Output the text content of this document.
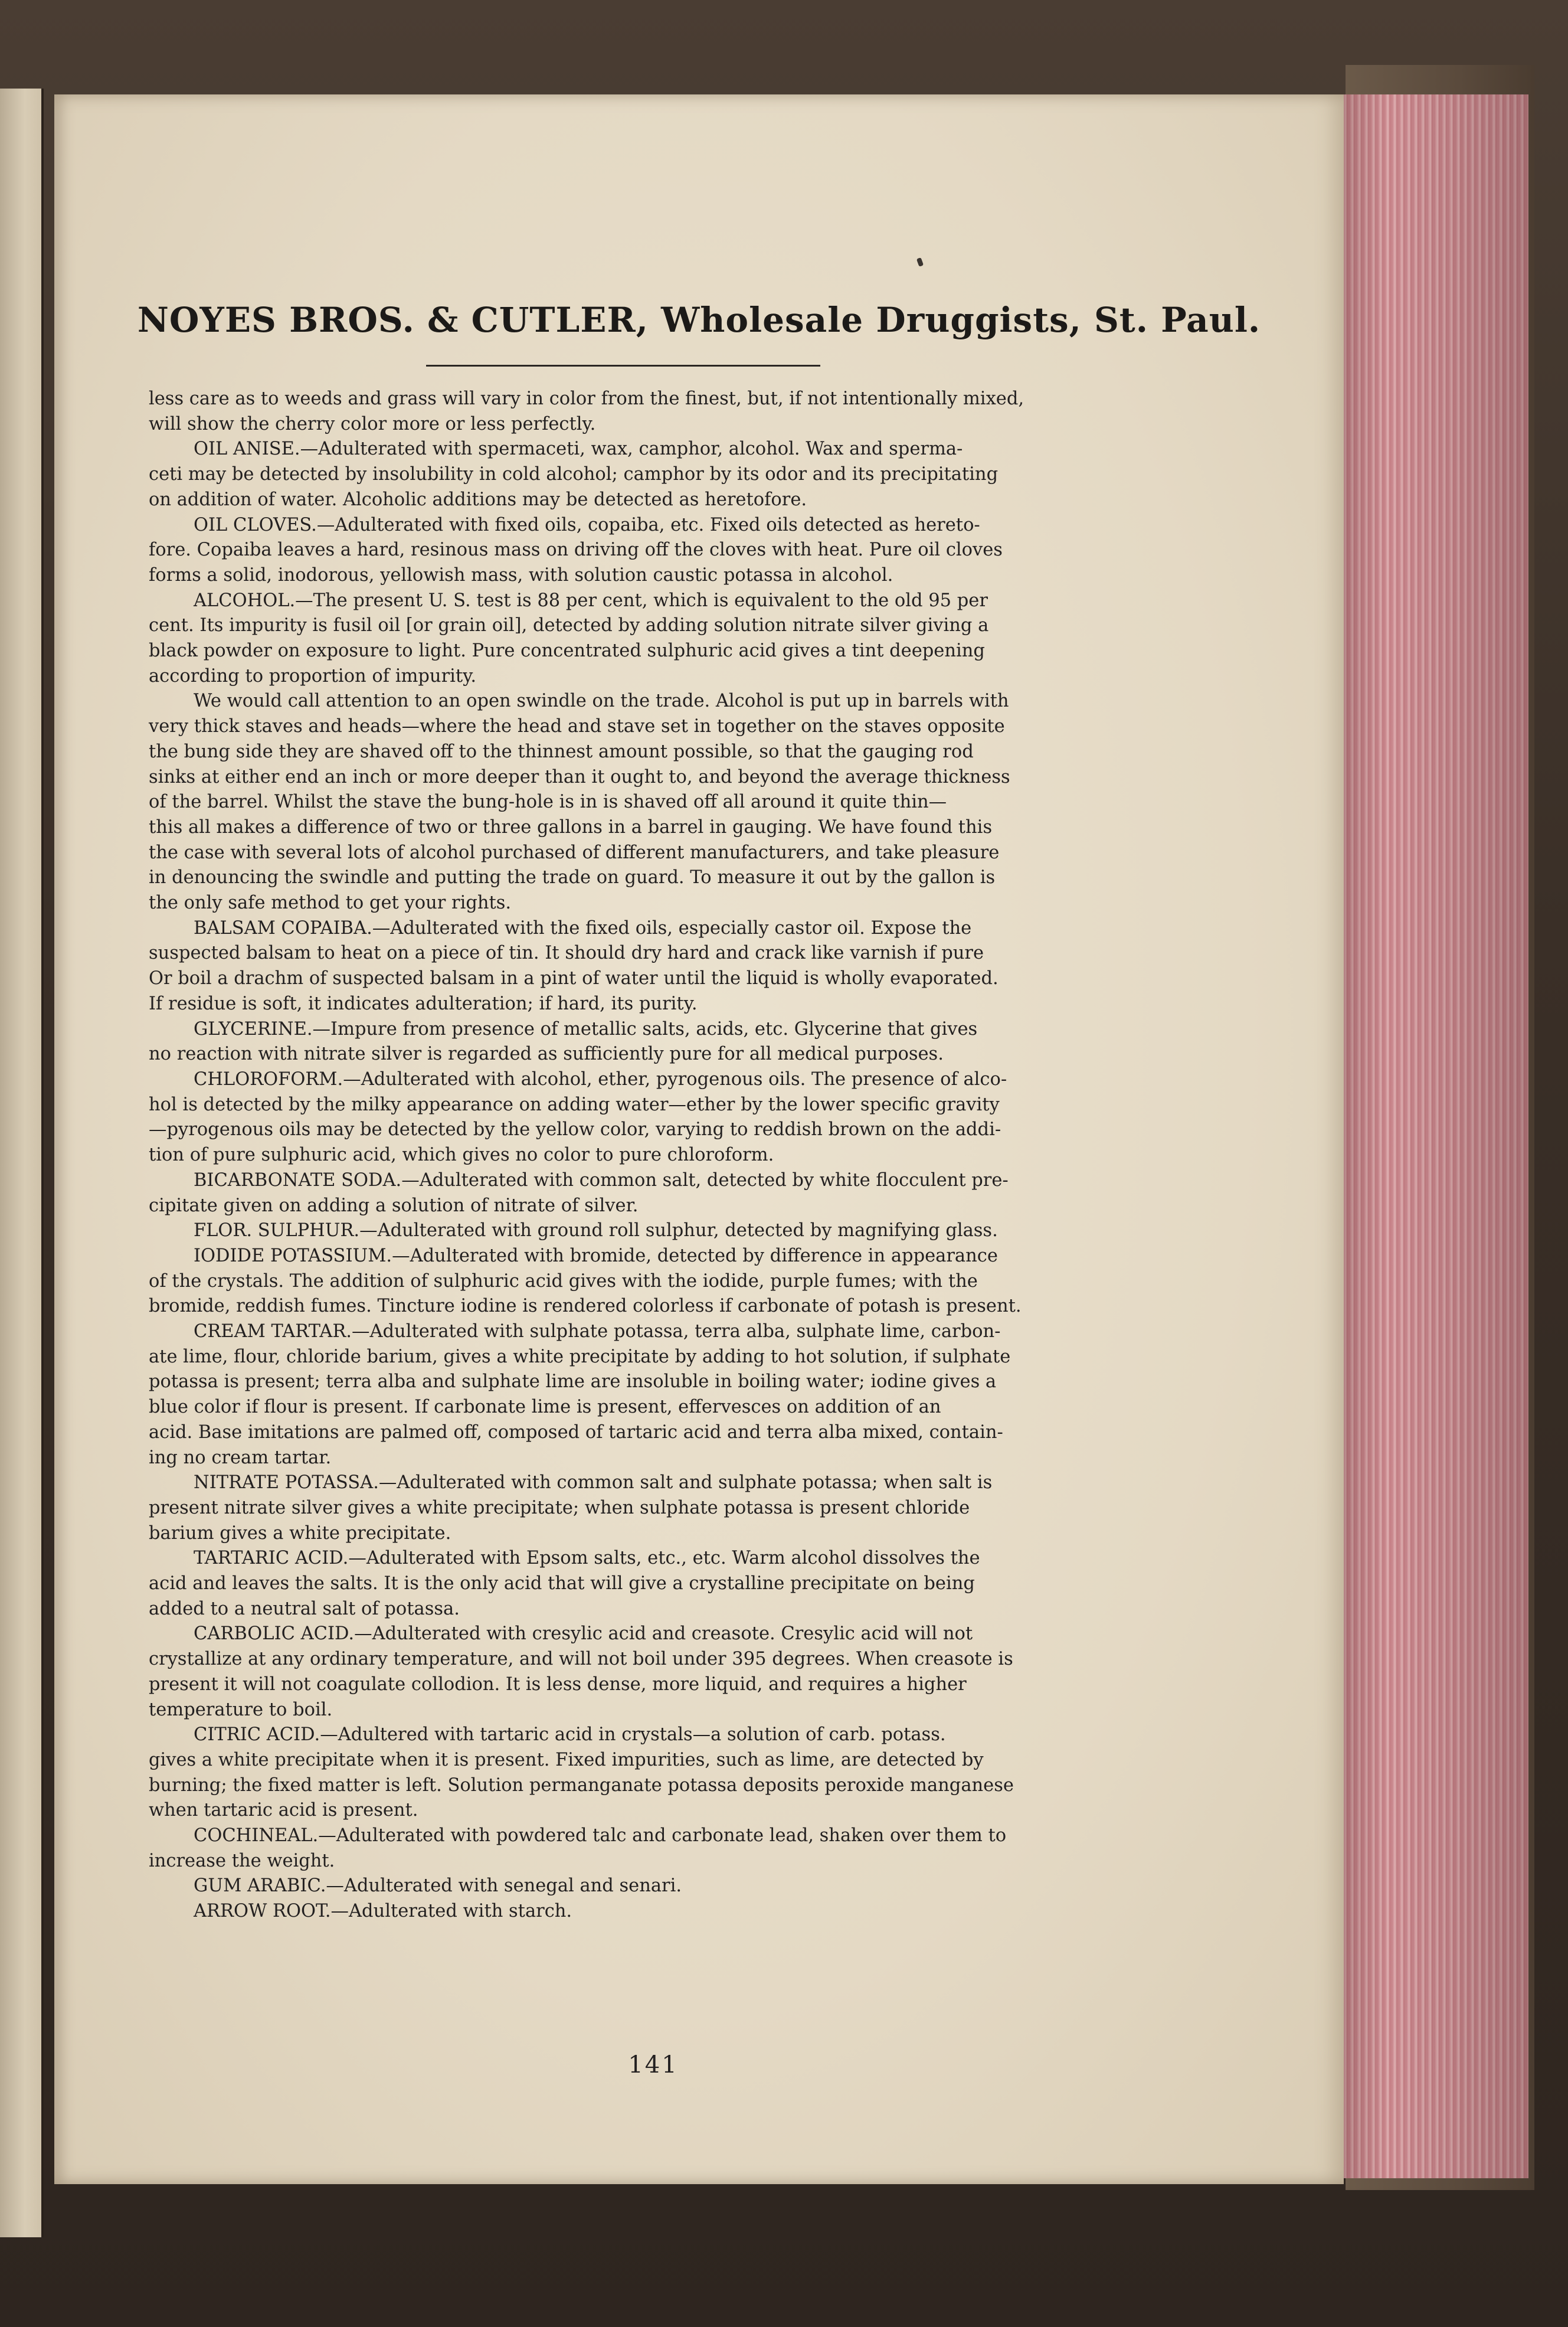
NOYES BROS. & CUTLER, Wholesale Druggists, St. Paul.

less care as to weeds and grass will vary in color from the finest, but, if not intentionally mixed,
will show the cherry color more or less perfectly.

OIL ANISE.—Adulterated with spermaceti, wax, camphor, alcohol. Wax and sperma-
ceti may be detected by insolubility in cold alcohol; camphor by its odor and its precipitating
on addition of water. Alcoholic additions may be detected as heretofore.

OIL CLOVES.—Adulterated with fixed oils, copaiba, etc. Fixed oils detected as hereto-
fore. Copaiba leaves a hard, resinous mass on driving off the cloves with heat. Pure oil cloves
forms a solid, inodorous, yellowish mass, with solution caustic potassa in alcohol.

ALCOHOL.—The present U. S. test is 88 per cent, which is equivalent to the old 95 per
cent. Its impurity is fusil oil [or grain oil], detected by adding solution nitrate silver giving a
black powder on exposure to light. Pure concentrated sulphuric acid gives a tint deepening
according to proportion of impurity.

We would call attention to an open swindle on the trade. Alcohol is put up in barrels with
very thick staves and heads—where the head and stave set in together on the staves opposite
the bung side they are shaved off to the thinnest amount possible, so that the gauging rod
sinks at either end an inch or more deeper than it ought to, and beyond the average thickness
of the barrel. Whilst the stave the bung-hole is in is shaved off all around it quite thin—
this all makes a difference of two or three gallons in a barrel in gauging. We have found this
the case with several lots of alcohol purchased of different manufacturers, and take pleasure
in denouncing the swindle and putting the trade on guard. To measure it out by the gallon is
the only safe method to get your rights.

BALSAM COPAIBA.—Adulterated with the fixed oils, especially castor oil. Expose the
suspected balsam to heat on a piece of tin. It should dry hard and crack like varnish if pure
Or boil a drachm of suspected balsam in a pint of water until the liquid is wholly evaporated.
If residue is soft, it indicates adulteration; if hard, its purity.

GLYCERINE.—Impure from presence of metallic salts, acids, etc. Glycerine that gives
no reaction with nitrate silver is regarded as sufficiently pure for all medical purposes.

CHLOROFORM.—Adulterated with alcohol, ether, pyrogenous oils. The presence of alco-
hol is detected by the milky appearance on adding water—ether by the lower specific gravity
—pyrogenous oils may be detected by the yellow color, varying to reddish brown on the addi-
tion of pure sulphuric acid, which gives no color to pure chloroform.

BICARBONATE SODA.—Adulterated with common salt, detected by white flocculent pre-
cipitate given on adding a solution of nitrate of silver.

FLOR. SULPHUR.—Adulterated with ground roll sulphur, detected by magnifying glass.

IODIDE POTASSIUM.—Adulterated with bromide, detected by difference in appearance
of the crystals. The addition of sulphuric acid gives with the iodide, purple fumes; with the
bromide, reddish fumes. Tincture iodine is rendered colorless if carbonate of potash is present.

CREAM TARTAR.—Adulterated with sulphate potassa, terra alba, sulphate lime, carbon-
ate lime, flour, chloride barium, gives a white precipitate by adding to hot solution, if sulphate
potassa is present; terra alba and sulphate lime are insoluble in boiling water; iodine gives a
blue color if flour is present. If carbonate lime is present, effervesces on addition of an
acid. Base imitations are palmed off, composed of tartaric acid and terra alba mixed, contain-
ing no cream tartar.

NITRATE POTASSA.—Adulterated with common salt and sulphate potassa; when salt is
present nitrate silver gives a white precipitate; when sulphate potassa is present chloride
barium gives a white precipitate.

TARTARIC ACID.—Adulterated with Epsom salts, etc., etc. Warm alcohol dissolves the
acid and leaves the salts. It is the only acid that will give a crystalline precipitate on being
added to a neutral salt of potassa.

CARBOLIC ACID.—Adulterated with cresylic acid and creasote. Cresylic acid will not
crystallize at any ordinary temperature, and will not boil under 395 degrees. When creasote is
present it will not coagulate collodion. It is less dense, more liquid, and requires a higher
temperature to boil.

CITRIC ACID.—Adultered with tartaric acid in crystals—a solution of carb. potass.
gives a white precipitate when it is present. Fixed impurities, such as lime, are detected by
burning; the fixed matter is left. Solution permanganate potassa deposits peroxide manganese
when tartaric acid is present.

COCHINEAL.—Adulterated with powdered talc and carbonate lead, shaken over them to
increase the weight.

GUM ARABIC.—Adulterated with senegal and senari.

ARROW ROOT.—Adulterated with starch.

141
